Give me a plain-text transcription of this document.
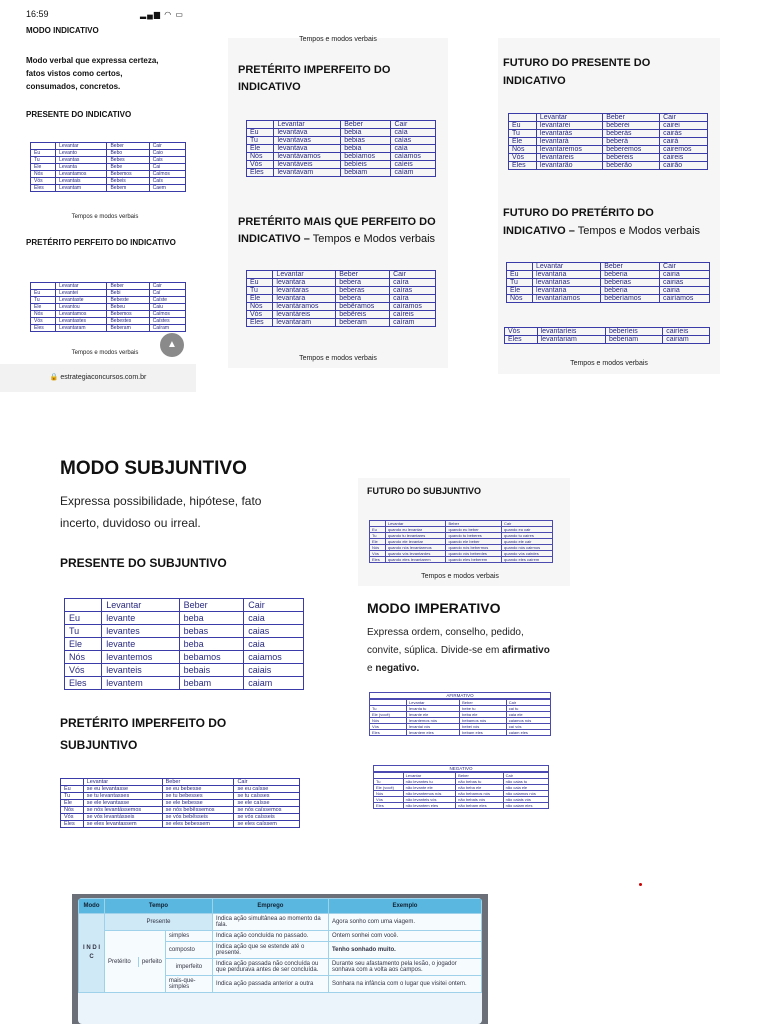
16:59	▂▄▆ ◠ ▭
MODO INDICATIVO
Modo verbal que expressa certeza, fatos vistos como certos, consumados, concretos.
PRESENTE DO INDICATIVO
	Levantar	Beber	Cair
Eu	Levanto	Bebo	Caio
Tu	Levantas	Bebes	Cais
Ele	Levanta	Bebe	Cai
Nós	Levantamos	Bebemos	Caímos
Vós	Levantais	Bebeis	Caís
Eles	Levantam	Bebem	Caem
Tempos e modos verbais
PRETÉRITO PERFEITO DO INDICATIVO
	Levantar	Beber	Cair
Eu	Levantei	Bebi	Caí
Tu	Levantaste	Bebeste	Caíste
Ele	Levantou	Bebeu	Caiu
Nós	Levantamos	Bebemos	Caímos
Vós	Levantastes	Bebestes	Caístes
Eles	Levantaram	Beberam	Caíram
▲
Tempos e modos verbais
🔒 estrategiaconcursos.com.br
Tempos e modos verbais
PRETÉRITO IMPERFEITO DO INDICATIVO
	Levantar	Beber	Cair
Eu	levantava	bebia	caía
Tu	levantavas	bebias	caías
Ele	levantava	bebia	caía
Nós	levantávamos	bebíamos	caíamos
Vós	levantáveis	bebíeis	caíeis
Eles	levantavam	bebiam	caíam
PRETÉRITO MAIS QUE PERFEITO DO INDICATIVO – Tempos e Modos verbais
	Levantar	Beber	Cair
Eu	levantara	bebera	caíra
Tu	levantaras	beberas	caíras
Ele	levantara	bebera	caíra
Nós	levantáramos	bebêramos	caíramos
Vós	levantáreis	bebêreis	caíreis
Eles	levantaram	beberam	caíram
Tempos e modos verbais
FUTURO DO PRESENTE DO INDICATIVO
	Levantar	Beber	Cair
Eu	levantarei	beberei	cairei
Tu	levantarás	beberás	cairás
Ele	levantará	beberá	cairá
Nós	levantaremos	beberemos	cairemos
Vós	levantareis	bebereis	caireis
Eles	levantarão	beberão	cairão
FUTURO DO PRETÉRITO DO INDICATIVO – Tempos e Modos verbais
	Levantar	Beber	Cair
Eu	levantaria	beberia	cairia
Tu	levantarias	beberias	cairias
Ele	levantaria	beberia	cairia
Nós	levantaríamos	beberíamos	cairíamos
Vós	levantaríeis	beberíeis	cairíeis
Eles	levantariam	beberiam	cairiam
Tempos e modos verbais
MODO SUBJUNTIVO
Expressa possibilidade, hipótese, fato incerto, duvidoso ou irreal.
PRESENTE DO SUBJUNTIVO
	Levantar	Beber	Cair
Eu	levante	beba	caia
Tu	levantes	bebas	caias
Ele	levante	beba	caia
Nós	levantemos	bebamos	caiamos
Vós	levanteis	bebais	caiais
Eles	levantem	bebam	caiam
PRETÉRITO IMPERFEITO DO SUBJUNTIVO
	Levantar	Beber	Cair
Eu	se eu levantasse	se eu bebesse	se eu caísse
Tu	se tu levantasses	se tu bebesses	se tu caísses
Ele	se ele levantasse	se ele bebesse	se ele caísse
Nós	se nós levantássemos	se nós bebêssemos	se nós caíssemos
Vós	se vós levantásseis	se vós bebêsseis	se vós caísseis
Eles	se eles levantassem	se eles bebessem	se eles caíssem
FUTURO DO SUBJUNTIVO
	Levantar	Beber	Cair
Eu	quando eu levantar	quando eu beber	quando eu cair
Tu	quando tu levantares	quando tu beberes	quando tu caíres
Ele	quando ele levantar	quando ele beber	quando ele cair
Nós	quando nós levantarmos	quando nós bebermos	quando nós cairmos
Vós	quando vós levantardes	quando vós beberdes	quando vós cairdes
Eles	quando eles levantarem	quando eles beberem	quando eles caírem
Tempos e modos verbais
MODO IMPERATIVO
Expressa ordem, conselho, pedido, convite, súplica. Divide-se em afirmativo e negativo.
AFIRMATIVO
	Levantar	Beber	Cair
Tu	levanta tu	bebe tu	cai tu
Ele (você)	levante ele	beba ele	caia ele
Nós	levantemos nós	bebamos nós	caiamos nós
Vós	levantai vós	bebei vós	caí vós
Eles	levantem eles	bebam eles	caiam eles
NEGATIVO
	Levantar	Beber	Cair
Tu	não levantes tu	não bebas tu	não caias tu
Ele (você)	não levante ele	não beba ele	não caia ele
Nós	não levantemos nós	não bebamos nós	não caiamos nós
Vós	não levanteis vós	não bebais vós	não caiais vós
Eles	não levantem eles	não bebam eles	não caiam eles
Modo	Tempo	Emprego	Exemplo
I N D I C	Presente	Indica ação simultânea ao momento da fala.	Agora sonho com uma viagem.

Pretérito	perfeito
	simples	Indica ação concluída no passado.	Ontem sonhei com você.
composto	Indica ação que se estende até o presente.	Tenho sonhado muito.
imperfeito	Indica ação passada não concluída ou que perdurava antes de ser concluída.	Durante seu afastamento pela lesão, o jogador sonhava com a volta aos campos.
mais-que- simples	Indica ação passada anterior a outra	Sonhara na infância com o lugar que visitei ontem.
